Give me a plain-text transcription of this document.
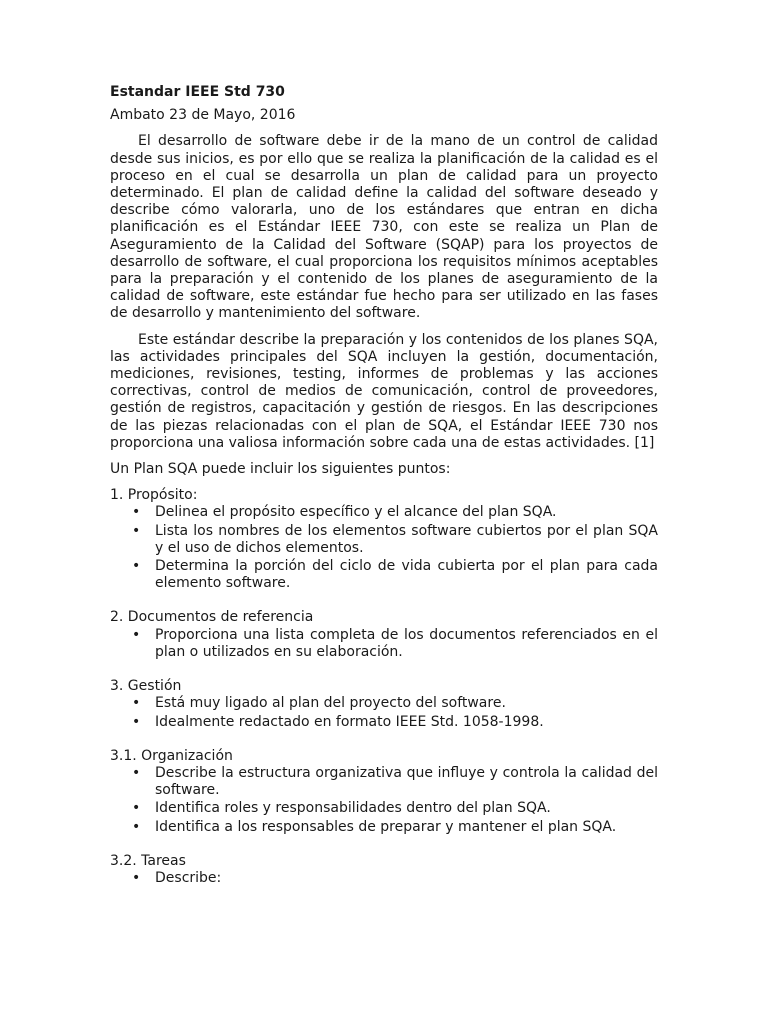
Estandar IEEE Std 730

Ambato 23 de Mayo, 2016

El desarrollo de software debe ir de la mano de un control de calidad desde sus inicios, es por ello que se realiza la planificación de la calidad es el proceso en el cual se desarrolla un plan de calidad para un proyecto determinado. El plan de calidad define la calidad del software deseado y describe cómo valorarla, uno de los estándares que entran en dicha planificación es el Estándar IEEE 730, con este se realiza un Plan de Aseguramiento de la Calidad del Software (SQAP) para los proyectos de desarrollo de software, el cual proporciona los requisitos mínimos aceptables para la preparación y el contenido de los planes de aseguramiento de la calidad de software, este estándar fue hecho para ser utilizado en las fases de desarrollo y mantenimiento del software.

Este estándar describe la preparación y los contenidos de los planes SQA, las actividades principales del SQA incluyen la gestión, documentación, mediciones, revisiones, testing, informes de problemas y las acciones correctivas, control de medios de comunicación, control de proveedores, gestión de registros, capacitación y gestión de riesgos. En las descripciones de las piezas relacionadas con el plan de SQA, el Estándar IEEE 730 nos proporciona una valiosa información sobre cada una de estas actividades. [1]

Un Plan SQA puede incluir los siguientes puntos:

1. Propósito:

• Delinea el propósito específico y el alcance del plan SQA.
• Lista los nombres de los elementos software cubiertos por el plan SQA y el uso de dichos elementos.
• Determina la porción del ciclo de vida cubierta por el plan para cada elemento software.

2. Documentos de referencia

• Proporciona una lista completa de los documentos referenciados en el plan o utilizados en su elaboración.

3. Gestión

• Está muy ligado al plan del proyecto del software.
• Idealmente redactado en formato IEEE Std. 1058-1998.

3.1. Organización

• Describe la estructura organizativa que influye y controla la calidad del software.
• Identifica roles y responsabilidades dentro del plan SQA.
• Identifica a los responsables de preparar y mantener el plan SQA.

3.2. Tareas

• Describe:
